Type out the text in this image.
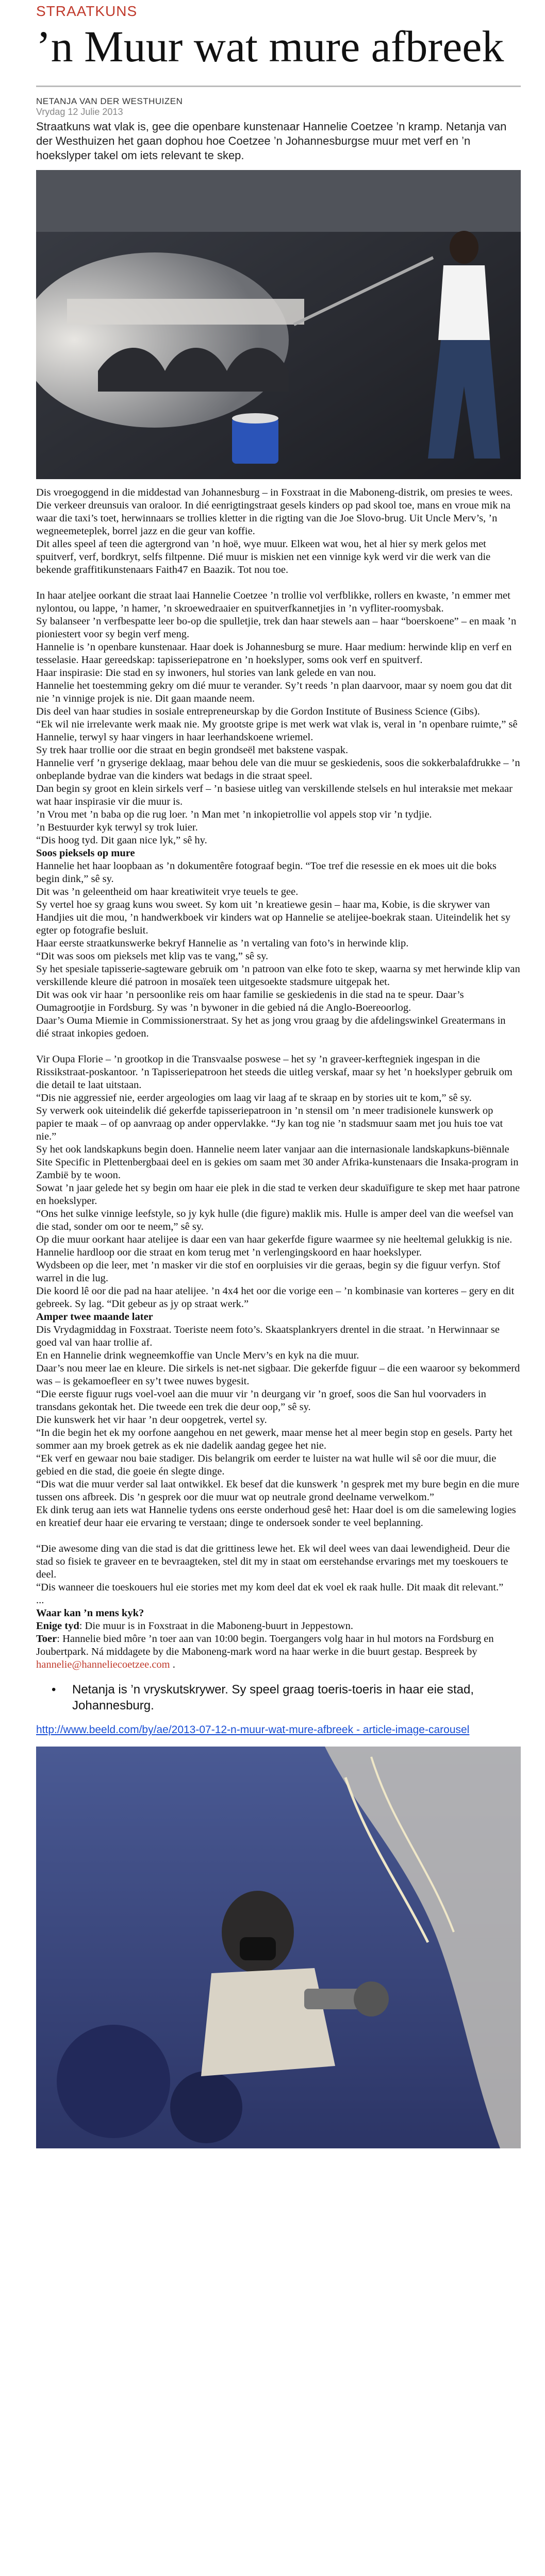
STRAATKUNS
’n Muur wat mure afbreek
NETANJA VAN DER WESTHUIZEN
Vrydag 12 Julie 2013
Straatkuns wat vlak is, gee die openbare kunstenaar Hannelie Coetzee ’n kramp. Netanja van der Westhuizen het gaan dophou hoe Coetzee ’n Johannesburgse muur met verf en ’n hoekslyper takel om iets relevant te skep.

Dis vroegoggend in die middestad van Johannesburg – in Foxstraat in die Maboneng-distrik, om presies te wees.

Die verkeer dreunsuis van oraloor. In dié eenrigtingstraat gesels kinders op pad skool toe, mans en vroue mik na waar die taxi’s toet, herwinnaars se trollies kletter in die rigting van die Joe Slovo-brug. Uit Uncle Merv’s, ’n wegneemeteplek, borrel jazz en die geur van koffie.

Dit alles speel af teen die agtergrond van ’n hoë, wye muur. Elkeen wat wou, het al hier sy merk gelos met spuitverf, verf, bordkryt, selfs filtpenne. Dié muur is miskien net een vinnige kyk werd vir die werk van die bekende graffitikunstenaars Faith47 en Baazik. Tot nou toe.

In haar ateljee oorkant die straat laai Hannelie Coetzee ’n trollie vol verfblikke, rollers en kwaste, ’n emmer met nylontou, ou lappe, ’n hamer, ’n skroewedraaier en spuitverfkannetjies in ’n vyfliter-roomysbak.

Sy balanseer ’n verfbespatte leer bo-op die spulletjie, trek dan haar stewels aan – haar “boerskoene” – en maak ’n pioniestert voor sy begin verf meng.

Hannelie is ’n openbare kunstenaar. Haar doek is Johannesburg se mure. Haar medium: herwinde klip en verf en tesselasie. Haar gereedskap: tapisseriepatrone en ’n hoekslyper, soms ook verf en spuitverf.

Haar inspirasie: Die stad en sy inwoners, hul stories van lank gelede en van nou.

Hannelie het toestemming gekry om dié muur te verander. Sy’t reeds ’n plan daarvoor, maar sy noem gou dat dit nie ’n vinnige projek is nie. Dit gaan maande neem.

Dis deel van haar studies in sosiale entrepreneurskap by die Gordon Institute of Business Science (Gibs).

“Ek wil nie irrelevante werk maak nie. My grootste gripe is met werk wat vlak is, veral in ’n openbare ruimte,” sê Hannelie, terwyl sy haar vingers in haar leerhandskoene wriemel.

Sy trek haar trollie oor die straat en begin grondseël met bakstene vaspak.

Hannelie verf ’n gryserige deklaag, maar behou dele van die muur se geskiedenis, soos die sokkerbalafdrukke – ’n onbeplande bydrae van die kinders wat bedags in die straat speel.

Dan begin sy groot en klein sirkels verf – ’n basiese uitleg van verskillende stelsels en hul interaksie met mekaar wat haar inspirasie vir die muur is.

’n Vrou met ’n baba op die rug loer. ’n Man met ’n inkopietrollie vol appels stop vir ’n tydjie.

’n Bestuurder kyk terwyl sy trok luier.

“Dis hoog tyd. Dit gaan nice lyk,” sê hy.

Soos pieksels op mure

Hannelie het haar loopbaan as ’n dokumentêre fotograaf begin. “Toe tref die resessie en ek moes uit die boks begin dink,” sê sy.

Dit was ’n geleentheid om haar kreatiwiteit vrye teuels te gee.

Sy vertel hoe sy graag kuns wou sweet. Sy kom uit ’n kreatiewe gesin – haar ma, Kobie, is die skrywer van Handjies uit die mou, ’n handwerkboek vir kinders wat op Hannelie se atelijee-boekrak staan. Uiteindelik het sy egter op fotografie besluit.

Haar eerste straatkunswerke bekryf Hannelie as ’n vertaling van foto’s in herwinde klip.

“Dit was soos om pieksels met klip vas te vang,” sê sy.

Sy het spesiale tapisserie-sagteware gebruik om ’n patroon van elke foto te skep, waarna sy met herwinde klip van verskillende kleure dié patroon in mosaïek teen uitgesoekte stadsmure uitgepak het.

Dit was ook vir haar ’n persoonlike reis om haar familie se geskiedenis in die stad na te speur. Daar’s Oumagrootjie in Fordsburg. Sy was ’n bywoner in die gebied ná die Anglo-Boereoorlog.

Daar’s Ouma Miemie in Commissionerstraat. Sy het as jong vrou graag by die afdelingswinkel Greatermans in dié straat inkopies gedoen.

Vir Oupa Florie – ’n grootkop in die Transvaalse poswese – het sy ’n graveer-kerftegniek ingespan in die Rissikstraat-poskantoor. ’n Tapisseriepatroon het steeds die uitleg verskaf, maar sy het ’n hoekslyper gebruik om die detail te laat uitstaan.

“Dis nie aggressief nie, eerder argeologies om laag vir laag af te skraap en by stories uit te kom,” sê sy.

Sy verwerk ook uiteindelik dié gekerfde tapisseriepatroon in ’n stensil om ’n meer tradisionele kunswerk op papier te maak – of op aanvraag op ander oppervlakke. “Jy kan tog nie ’n stadsmuur saam met jou huis toe vat nie.”

Sy het ook landskapkuns begin doen. Hannelie neem later vanjaar aan die internasionale landskapkuns-biënnale Site Specific in Plettenbergbaai deel en is gekies om saam met 30 ander Afrika-kunstenaars die Insaka-program in Zambië by te woon.

Sowat ’n jaar gelede het sy begin om haar eie plek in die stad te verken deur skaduïfigure te skep met haar patrone en hoekslyper.

“Ons het sulke vinnige leefstyle, so jy kyk hulle (die figure) maklik mis. Hulle is amper deel van die weefsel van die stad, sonder om oor te neem,” sê sy.

Op die muur oorkant haar atelijee is daar een van haar gekerfde figure waarmee sy nie heeltemal gelukkig is nie. Hannelie hardloop oor die straat en kom terug met ’n verlengingskoord en haar hoekslyper.

Wydsbeen op die leer, met ’n masker vir die stof en oorpluisies vir die geraas, begin sy die figuur verfyn. Stof warrel in die lug.

Die koord lê oor die pad na haar atelijee. ’n 4x4 het oor die vorige een – ’n kombinasie van korteres – gery en dit gebreek. Sy lag. “Dit gebeur as jy op straat werk.”

Amper twee maande later

Dis Vrydagmiddag in Foxstraat. Toeriste neem foto’s. Skaatsplankryers drentel in die straat. ’n Herwinnaar se goed val van haar trollie af.

En en Hannelie drink wegneemkoffie van Uncle Merv’s en kyk na die muur.

Daar’s nou meer lae en kleure. Die sirkels is net-net sigbaar. Die gekerfde figuur – die een waaroor sy bekommerd was – is gekamoefleer en sy’t twee nuwes bygesit.

“Die eerste figuur rugs voel-voel aan die muur vir ’n deurgang vir ’n groef, soos die San hul voorvaders in transdans gekontak het. Die tweede een trek die deur oop,” sê sy.

Die kunswerk het vir haar ’n deur oopgetrek, vertel sy.

“In die begin het ek my oorfone aangehou en net gewerk, maar mense het al meer begin stop en gesels. Party het sommer aan my broek getrek as ek nie dadelik aandag gegee het nie.

“Ek verf en gewaar nou baie stadiger. Dis belangrik om eerder te luister na wat hulle wil sê oor die muur, die gebied en die stad, die goeie én slegte dinge.

“Dis wat die muur verder sal laat ontwikkel. Ek besef dat die kunswerk ’n gesprek met my bure begin en die mure tussen ons afbreek. Dis ’n gesprek oor die muur wat op neutrale grond deelname verwelkom.”

Ek dink terug aan iets wat Hannelie tydens ons eerste onderhoud gesê het: Haar doel is om die samelewing logies en kreatief deur haar eie ervaring te verstaan; dinge te ondersoek sonder te veel beplanning.

“Die awesome ding van die stad is dat die grittiness lewe het. Ek wil deel wees van daai lewendigheid. Deur die stad so fisiek te graveer en te bevraagteken, stel dit my in staat om eerstehandse ervarings met my toeskouers te deel.

“Dis wanneer die toeskouers hul eie stories met my kom deel dat ek voel ek raak hulle. Dit maak dit relevant.”

...

Waar kan ’n mens kyk?

Enige tyd: Die muur is in Foxstraat in die Maboneng-buurt in Jeppestown.
Toer: Hannelie bied môre ’n toer aan van 10:00 begin. Toergangers volg haar in hul motors na Fordsburg en Joubertpark. Ná middagete by die Maboneng-mark word na haar werke in die buurt gestap. Bespreek by hannelie@hanneliecoetzee.com .
•	Netanja is ’n vryskutskrywer. Sy speel graag toeris-toeris in haar eie stad, Johannesburg.
http://www.beeld.com/by/ae/2013-07-12-n-muur-wat-mure-afbreek - article-image-carousel
